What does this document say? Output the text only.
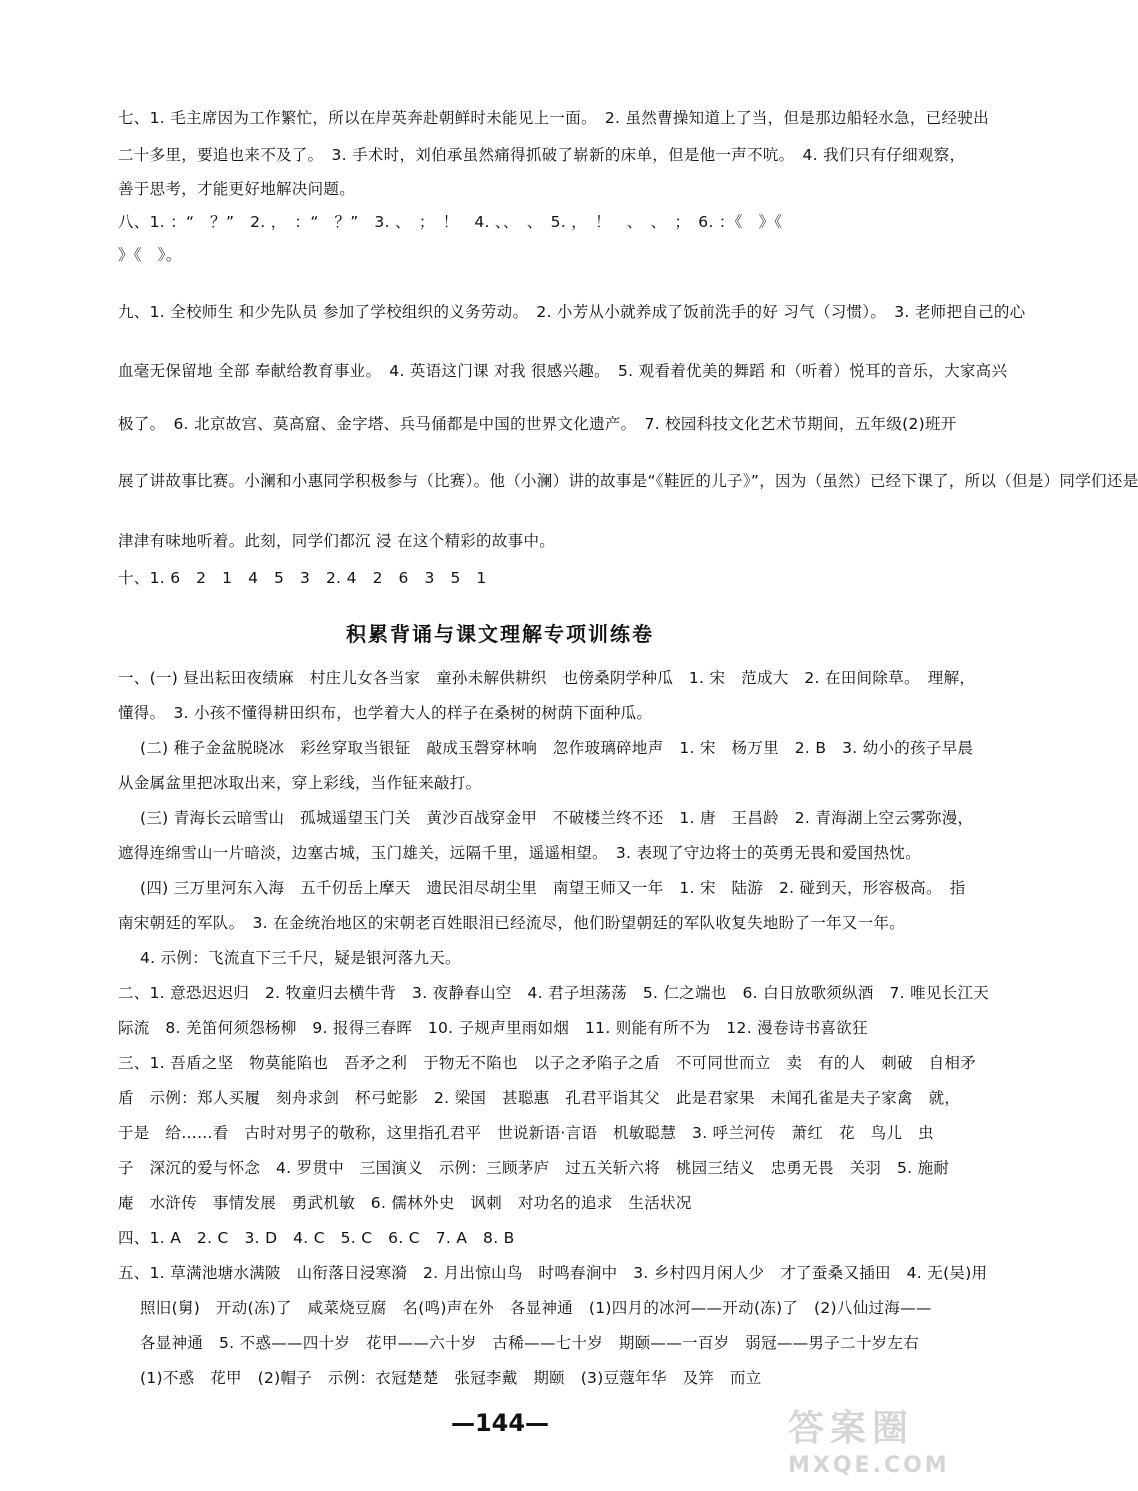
七、1. 毛主席因为工作繁忙，所以在岸英奔赴朝鲜时未能见上一面。　2. 虽然曹操知道上了当，但是那边船轻水急，已经驶出
二十多里，要追也来不及了。　3. 手术时，刘伯承虽然痛得抓破了崭新的床单，但是他一声不吭。　4. 我们只有仔细观察，
善于思考，才能更好地解决问题。
八、1. ：“　？”　2. ，　：“　？”　3. 、　；　！　4. 、、　、　5. ，　！　、　、　；　6. ：《　》《
》《　》。
九、1. 全校师生 和少先队员 参加了学校组织的义务劳动。　2. 小芳从小就养成了饭前洗手的好 习气（习惯）。　3. 老师把自己的心
血毫无保留地 全部 奉献给教育事业。　4. 英语这门课 对我 很感兴趣。　5. 观看着优美的舞蹈 和（听着）悦耳的音乐，大家高兴
极了。　6. 北京故宫、莫高窟、金字塔、兵马俑都是中国的世界文化遗产。　7. 校园科技文化艺术节期间，五年级(2)班开
展了讲故事比赛。小澜和小惠同学积极参与（比赛）。他（小澜）讲的故事是“《鞋匠的儿子》”，因为（虽然）已经下课了，所以（但是）同学们还是
津津有味地听着。此刻，同学们都沉 浸 在这个精彩的故事中。
十、1. 6　2　1　4　5　3　2. 4　2　6　3　5　1
积累背诵与课文理解专项训练卷
一、(一) 昼出耘田夜绩麻　村庄儿女各当家　童孙未解供耕织　也傍桑阴学种瓜　1. 宋　范成大　2. 在田间除草。　理解，
懂得。　3. 小孩不懂得耕田织布，也学着大人的样子在桑树的树荫下面种瓜。
(二) 稚子金盆脱晓冰　彩丝穿取当银钲　敲成玉磬穿林响　忽作玻璃碎地声　1. 宋　杨万里　2. B　3. 幼小的孩子早晨
从金属盆里把冰取出来，穿上彩线，当作钲来敲打。
(三) 青海长云暗雪山　孤城遥望玉门关　黄沙百战穿金甲　不破楼兰终不还　1. 唐　王昌龄　2. 青海湖上空云雾弥漫，
遮得连绵雪山一片暗淡，边塞古城，玉门雄关，远隔千里，遥遥相望。　3. 表现了守边将士的英勇无畏和爱国热忱。
(四) 三万里河东入海　五千仞岳上摩天　遗民泪尽胡尘里　南望王师又一年　1. 宋　陆游　2. 碰到天，形容极高。　指
南宋朝廷的军队。　3. 在金统治地区的宋朝老百姓眼泪已经流尽，他们盼望朝廷的军队收复失地盼了一年又一年。
4. 示例：飞流直下三千尺，疑是银河落九天。
二、1. 意恐迟迟归　2. 牧童归去横牛背　3. 夜静春山空　4. 君子坦荡荡　5. 仁之端也　6. 白日放歌须纵酒　7. 唯见长江天
际流　8. 羌笛何须怨杨柳　9. 报得三春晖　10. 子规声里雨如烟　11. 则能有所不为　12. 漫卷诗书喜欲狂
三、1. 吾盾之坚　物莫能陷也　吾矛之利　于物无不陷也　以子之矛陷子之盾　不可同世而立　卖　有的人　刺破　自相矛
盾　示例：郑人买履　刻舟求剑　杯弓蛇影　2. 梁国　甚聪惠　孔君平诣其父　此是君家果　未闻孔雀是夫子家禽　就，
于是　给……看　古时对男子的敬称，这里指孔君平　世说新语·言语　机敏聪慧　3. 呼兰河传　萧红　花　鸟儿　虫
子　深沉的爱与怀念　4. 罗贯中　三国演义　示例：三顾茅庐　过五关斩六将　桃园三结义　忠勇无畏　关羽　5. 施耐
庵　水浒传　事情发展　勇武机敏　6. 儒林外史　讽刺　对功名的追求　生活状况
四、1. A　2. C　3. D　4. C　5. C　6. C　7. A　8. B
五、1. 草满池塘水满陂　山衔落日浸寒漪　2. 月出惊山鸟　时鸣春涧中　3. 乡村四月闲人少　才了蚕桑又插田　4. 无(吴)用
照旧(舅)　开动(冻)了　咸菜烧豆腐　名(鸣)声在外　各显神通　(1)四月的冰河——开动(冻)了　(2)八仙过海——
各显神通　5. 不惑——四十岁　花甲——六十岁　古稀——七十岁　期颐——一百岁　弱冠——男子二十岁左右
(1)不惑　花甲　(2)帽子　示例：衣冠楚楚　张冠李戴　期颐　(3)豆蔻年华　及笄　而立
—144—	答案圈
MXQE.COM
